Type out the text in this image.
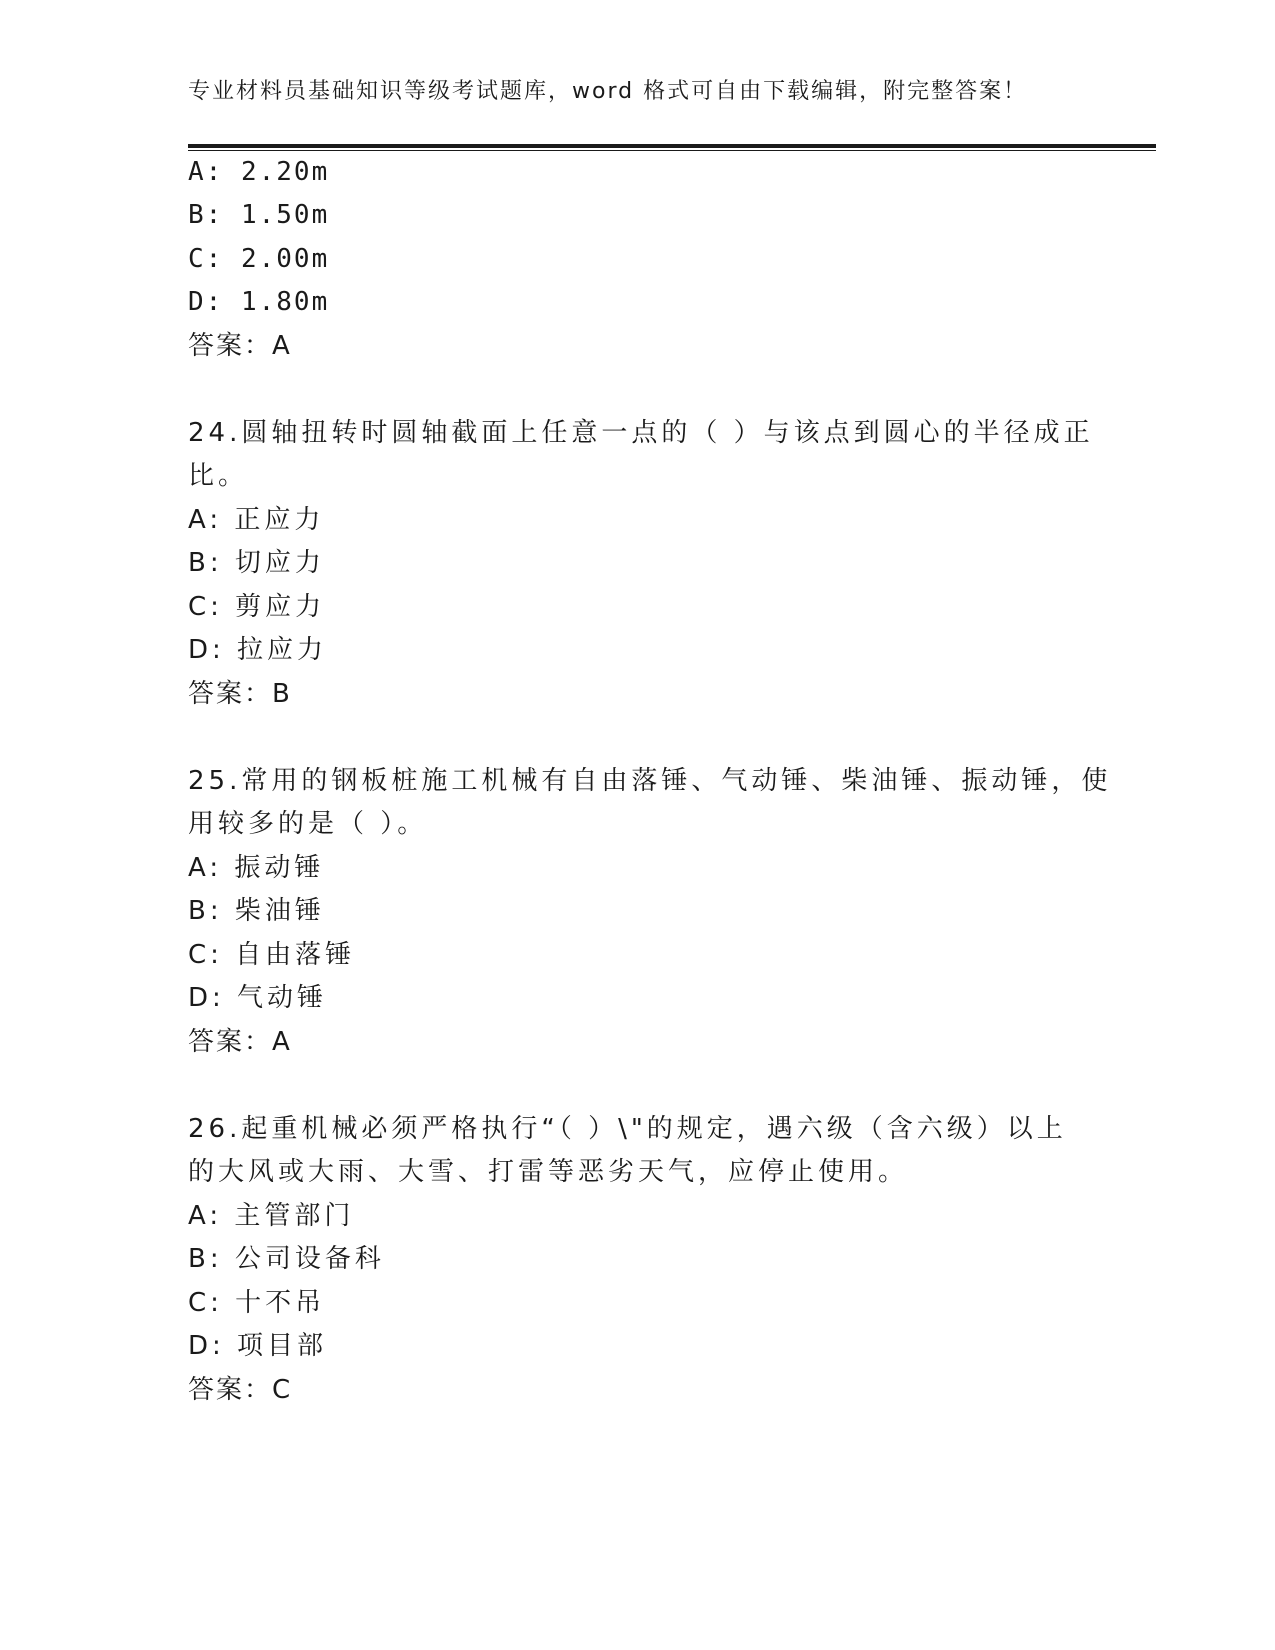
专业材料员基础知识等级考试题库，word 格式可自由下载编辑，附完整答案！
A: 2.20m
B: 1.50m
C: 2.00m
D: 1.80m
答案：A
24.圆轴扭转时圆轴截面上任意一点的（ ）与该点到圆心的半径成正
比。
A: 正应力
B: 切应力
C: 剪应力
D: 拉应力
答案：B
25.常用的钢板桩施工机械有自由落锤、气动锤、柴油锤、振动锤，使
用较多的是（ ）。
A: 振动锤
B: 柴油锤
C: 自由落锤
D: 气动锤
答案：A
26.起重机械必须严格执行“（ ）\"的规定，遇六级（含六级）以上
的大风或大雨、大雪、打雷等恶劣天气，应停止使用。
A: 主管部门
B: 公司设备科
C: 十不吊
D: 项目部
答案：C
